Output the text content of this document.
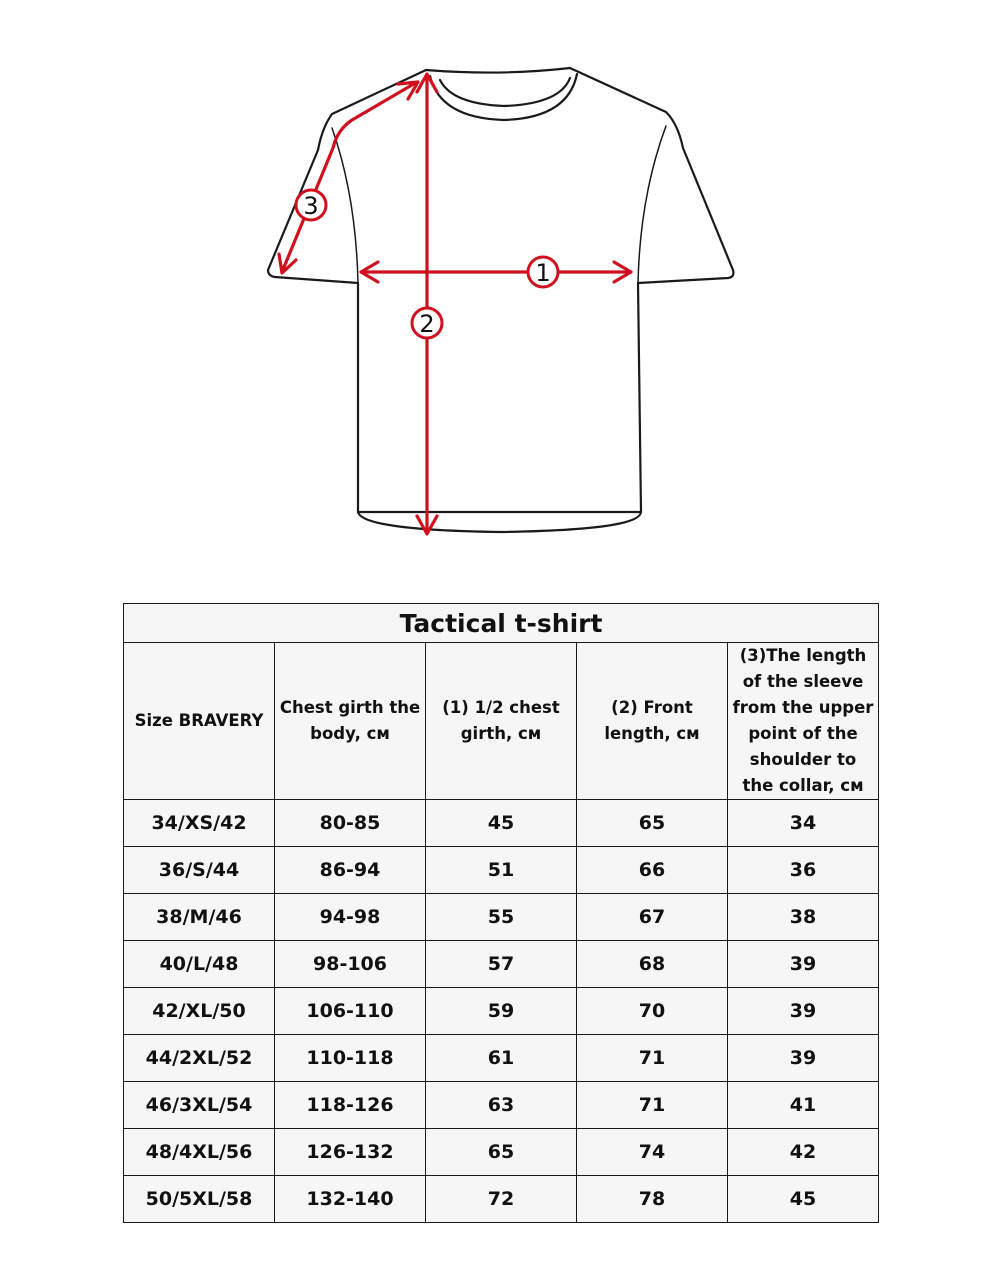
1
2
3
Tactical t-shirt				
Size BRAVERY	Chest girth the body, см	(1) 1/2 chest girth, см	(2) Front length, см	(3)The length of the sleeve from the upper point of the shoulder to the collar, см
34/XS/42	80-85	45	65	34
36/S/44	86-94	51	66	36
38/M/46	94-98	55	67	38
40/L/48	98-106	57	68	39
42/XL/50	106-110	59	70	39
44/2XL/52	110-118	61	71	39
46/3XL/54	118-126	63	71	41
48/4XL/56	126-132	65	74	42
50/5XL/58	132-140	72	78	45
